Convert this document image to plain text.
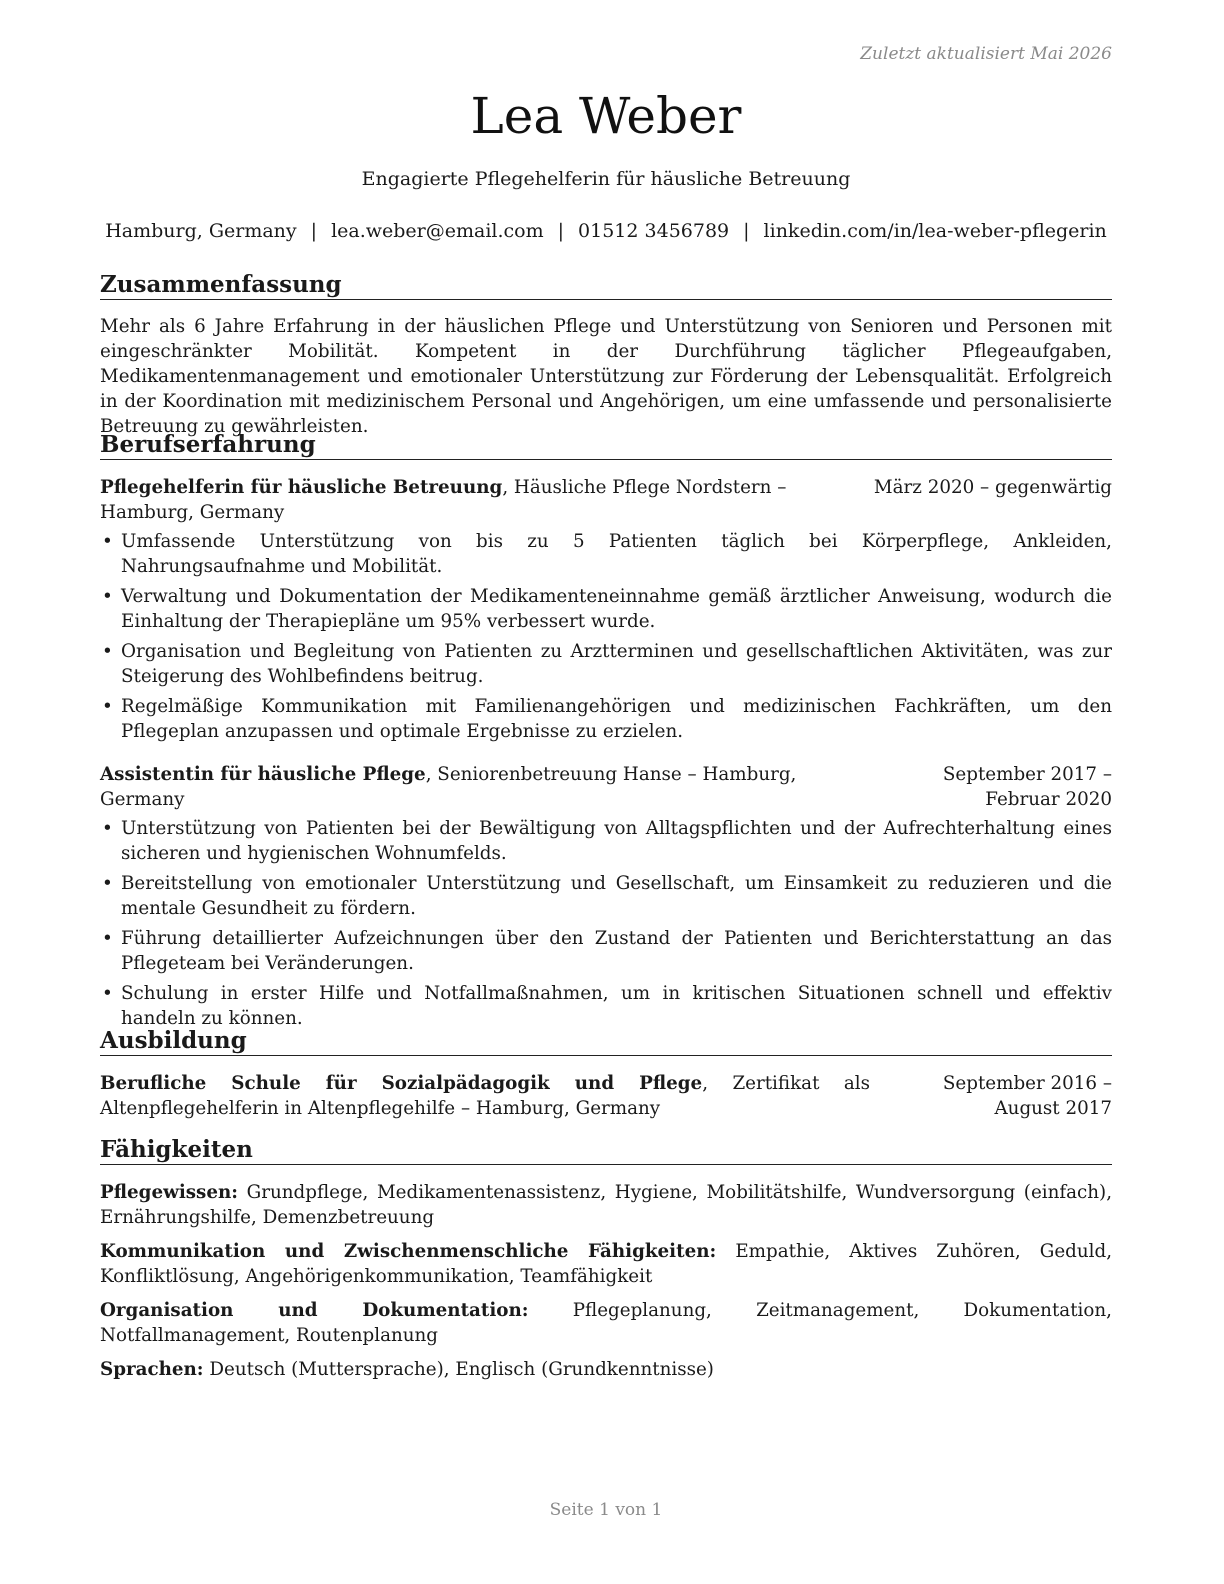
Zuletzt aktualisiert Mai 2026
Lea Weber
Engagierte Pflegehelferin für häusliche Betreuung
Hamburg, Germany | lea.weber@email.com | 01512 3456789 | linkedin.com/in/lea-weber-pflegerin
Zusammenfassung

Mehr als 6 Jahre Erfahrung in der häuslichen Pflege und Unterstützung von Senioren und Personen mit eingeschränkter Mobilität. Kompetent in der Durchführung täglicher Pflegeaufgaben, Medikamentenmanagement und emotionaler Unterstützung zur Förderung der Lebensqualität. Erfolgreich in der Koordination mit medizinischem Personal und Angehörigen, um eine umfassende und personalisierte Betreuung zu gewährleisten.

Berufserfahrung
Pflegehelferin für häusliche Betreuung, Häusliche Pflege Nordstern – Hamburg, Germany
März 2020 – gegenwärtig
• Umfassende Unterstützung von bis zu 5 Patienten täglich bei Körperpflege, Ankleiden, Nahrungsaufnahme und Mobilität.
• Verwaltung und Dokumentation der Medikamenteneinnahme gemäß ärztlicher Anweisung, wodurch die Einhaltung der Therapiepläne um 95% verbessert wurde.
• Organisation und Begleitung von Patienten zu Arztterminen und gesellschaftlichen Aktivitäten, was zur Steigerung des Wohlbefindens beitrug.
• Regelmäßige Kommunikation mit Familienangehörigen und medizinischen Fachkräften, um den Pflegeplan anzupassen und optimale Ergebnisse zu erzielen.
Assistentin für häusliche Pflege, Seniorenbetreuung Hanse – Hamburg, Germany
September 2017 – Februar 2020
• Unterstützung von Patienten bei der Bewältigung von Alltagspflichten und der Aufrechterhaltung eines sicheren und hygienischen Wohnumfelds.
• Bereitstellung von emotionaler Unterstützung und Gesellschaft, um Einsamkeit zu reduzieren und die mentale Gesundheit zu fördern.
• Führung detaillierter Aufzeichnungen über den Zustand der Patienten und Berichterstattung an das Pflegeteam bei Veränderungen.
• Schulung in erster Hilfe und Notfallmaßnahmen, um in kritischen Situationen schnell und effektiv handeln zu können.
Ausbildung
Berufliche Schule für Sozialpädagogik und Pflege, Zertifikat als Altenpflegehelferin in Altenpflegehilfe – Hamburg, Germany
September 2016 – August 2017
Fähigkeiten

Pflegewissen: Grundpflege, Medikamentenassistenz, Hygiene, Mobilitätshilfe, Wundversorgung (einfach), Ernährungshilfe, Demenzbetreuung

Kommunikation und Zwischenmenschliche Fähigkeiten: Empathie, Aktives Zuhören, Geduld, Konfliktlösung, Angehörigenkommunikation, Teamfähigkeit

Organisation und Dokumentation: Pflegeplanung, Zeitmanagement, Dokumentation, Notfallmanagement, Routenplanung

Sprachen: Deutsch (Muttersprache), Englisch (Grundkenntnisse)

Seite 1 von 1
